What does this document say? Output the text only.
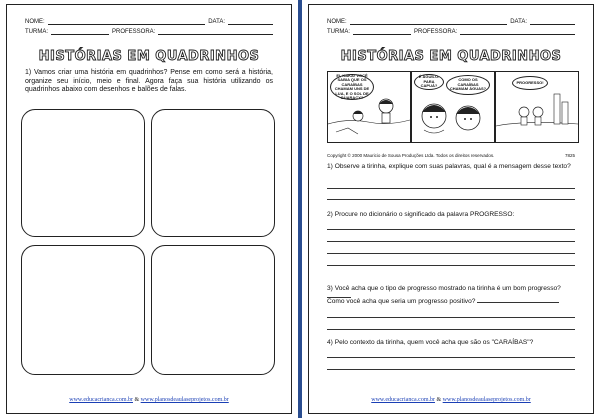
NOME:	DATA:
TURMA:	PROFESSORA:
HISTÓRIAS EM QUADRINHOS
1) Vamos criar uma história em quadrinhos? Pense em como será a história, organize seu início, meio e final. Agora faça sua história utilizando os quadrinhos abaixo com desenhos e balões de falas.
www.educacrianca.com.br & www.planosdeaulaseprojetos.com.br
NOME:	DATA:
TURMA:	PROFESSORA:
HISTÓRIAS EM QUADRINHOS
EI, KAKA! VOCÊ SABIA QUE OS CARAÍBAS CHAMAM UNS DE LUA, E O SOL DE GUARACY?
É ÁGUILO. PARA CAPUÁ?
COMO OS CARAÍBAS CHAMAM ÁGUAS?
PROGRESSO!
Copyright © 2000 Mauricio de Sousa Produções Ltda. Todos os direitos reservados.	7825
1) Observe a tirinha, explique com suas palavras, qual é a mensagem desse texto?
2) Procure no dicionário o significado da palavra PROGRESSO:
3) Você acha que o tipo de progresso mostrado na tirinha é um bom progresso?
Como você acha que seria um progresso positivo?
4) Pelo contexto da tirinha, quem você acha que são os "CARAÍBAS"?
www.educacrianca.com.br & www.planosdeaulaseprojetos.com.br
